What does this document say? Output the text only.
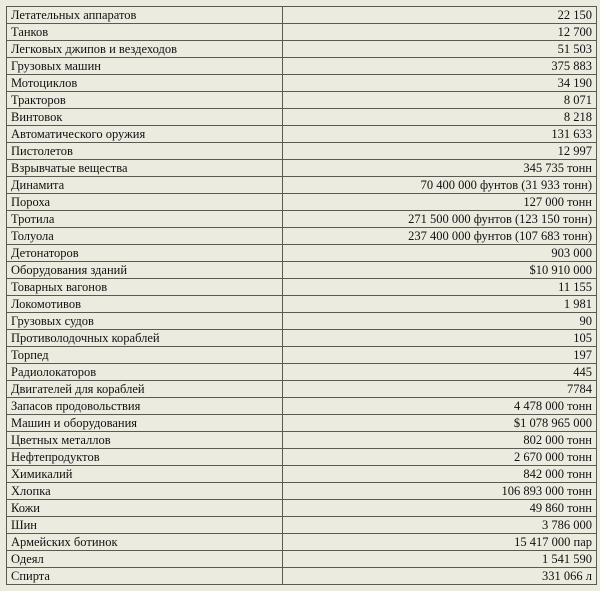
Летательных аппаратов	22 150
Танков	12 700
Легковых джипов и вездеходов	51 503
Грузовых машин	375 883
Мотоциклов	34 190
Тракторов	8 071
Винтовок	8 218
Автоматического оружия	131 633
Пистолетов	12 997
Взрывчатые вещества	345 735 тонн
Динамита	70 400 000 фунтов (31 933 тонн)
Пороха	127 000 тонн
Тротила	271 500 000 фунтов (123 150 тонн)
Толуола	237 400 000 фунтов (107 683 тонн)
Детонаторов	903 000
Оборудования зданий	$10 910 000
Товарных вагонов	11 155
Локомотивов	1 981
Грузовых судов	90
Противолодочных кораблей	105
Торпед	197
Радиолокаторов	445
Двигателей для кораблей	7784
Запасов продовольствия	4 478 000 тонн
Машин и оборудования	$1 078 965 000
Цветных металлов	802 000 тонн
Нефтепродуктов	2 670 000 тонн
Химикалий	842 000 тонн
Хлопка	106 893 000 тонн
Кожи	49 860 тонн
Шин	3 786 000
Армейских ботинок	15 417 000 пар
Одеял	1 541 590
Спирта	331 066 л
